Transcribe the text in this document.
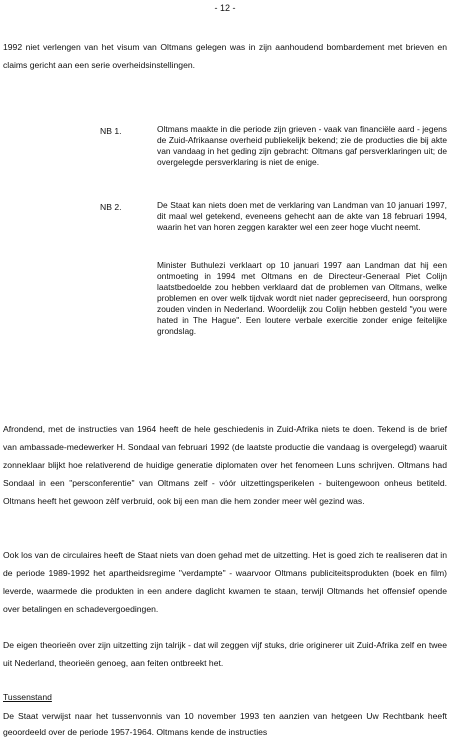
- 12 -

1992 niet verlengen van het visum van Oltmans gelegen was in zijn aanhoudend bombardement met brieven en claims gericht aan een serie overheidsinstellingen.

NB 1.	Oltmans maakte in die periode zijn grieven - vaak van financiële aard - jegens de Zuid-Afrikaanse overheid publiekelijk bekend; zie de producties die bij akte van vandaag in het geding zijn gebracht: Oltmans gaf persverklaringen uit; de overgelegde persverklaring is niet de enige.

NB 2.	De Staat kan niets doen met de verklaring van Landman van 10 januari 1997, dit maal wel getekend, eveneens gehecht aan de akte van 18 februari 1994, waarin het van horen zeggen karakter wel een zeer hoge vlucht neemt.

Minister Buthulezi verklaart op 10 januari 1997 aan Landman dat hij een ontmoeting in 1994 met Oltmans en de Directeur-Generaal Piet Colijn laatstbedoelde zou hebben verklaard dat de problemen van Oltmans, welke problemen en over welk tijdvak wordt niet nader gepreciseerd, hun oorsprong zouden vinden in Nederland. Woordelijk zou Colijn hebben gesteld "you were hated in The Hague". Een loutere verbale exercitie zonder enige feitelijke grondslag.

Afrondend, met de instructies van 1964 heeft de hele geschiedenis in Zuid-Afrika niets te doen. Tekend is de brief van ambassade-medewerker H. Sondaal van februari 1992 (de laatste productie die vandaag is overgelegd) waaruit zonneklaar blijkt hoe relativerend de huidige generatie diplomaten over het fenomeen Luns schrijven. Oltmans had Sondaal in een "persconferentie" van Oltmans zelf - vóór uitzettingsperikelen - buitengewoon onheus betiteld. Oltmans heeft het gewoon zèlf verbruid, ook bij een man die hem zonder meer wèl gezind was.

Ook los van de circulaires heeft de Staat niets van doen gehad met de uitzetting. Het is goed zich te realiseren dat in de periode 1989-1992 het apartheidsregime "verdampte" - waarvoor Oltmans publiciteitsprodukten (boek en film) leverde, waarmede die produkten in een andere daglicht kwamen te staan, terwijl Oltmands het offensief opende over betalingen en schadevergoedingen.

De eigen theorieën over zijn uitzetting zijn talrijk - dat wil zeggen vijf stuks, drie originerer uit Zuid-Afrika zelf en twee uit Nederland, theorieën genoeg, aan feiten ontbreekt het.

Tussenstand

De Staat verwijst naar het tussenvonnis van 10 november 1993 ten aanzien van hetgeen Uw Rechtbank heeft geoordeeld over de periode 1957-1964. Oltmans kende de instructies
